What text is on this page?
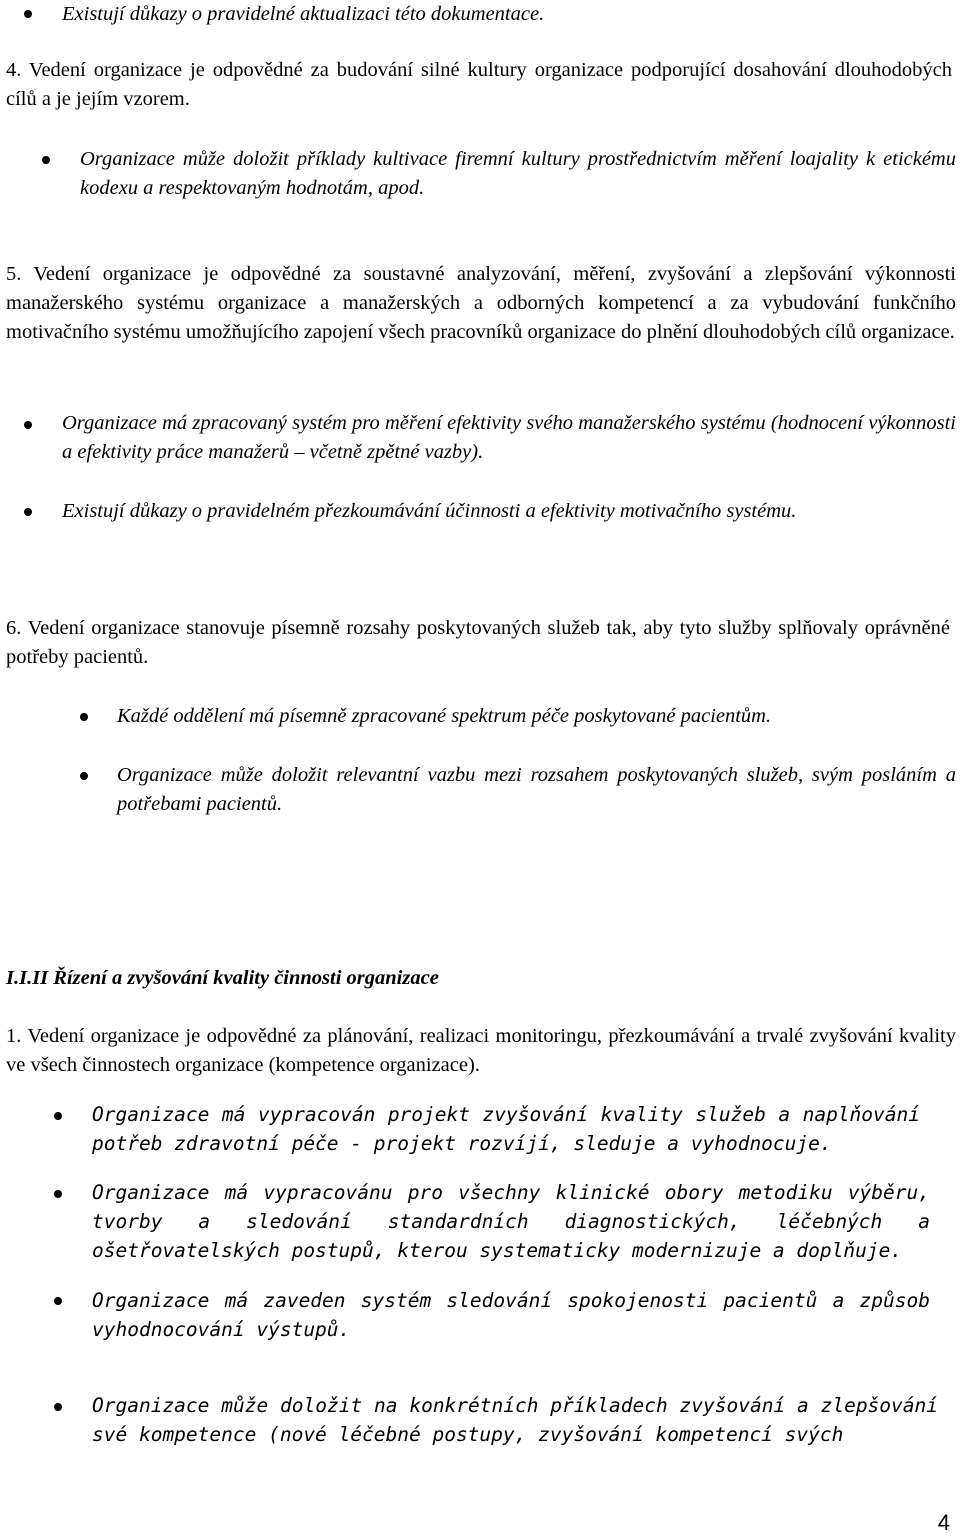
Existují důkazy o pravidelné aktualizaci této dokumentace.

4. Vedení organizace je odpovědné za budování silné kultury organizace podporující dosahování dlouhodobých cílů a je jejím vzorem.

Organizace může doložit příklady kultivace firemní kultury prostřednictvím měření loajality k etickému kodexu a respektovaným hodnotám, apod.

5. Vedení organizace je odpovědné za soustavné analyzování, měření, zvyšování a zlepšování výkonnosti manažerského systému organizace a manažerských a odborných kompetencí a za vybudování funkčního motivačního systému umožňujícího zapojení všech pracovníků organizace do plnění dlouhodobých cílů organizace.

Organizace má zpracovaný systém pro měření efektivity svého manažerského systému (hodnocení výkonnosti a efektivity práce manažerů – včetně zpětné vazby).

Existují důkazy o pravidelném přezkoumávání účinnosti a efektivity motivačního systému.

6. Vedení organizace stanovuje písemně rozsahy poskytovaných služeb tak, aby tyto služby splňovaly oprávněné potřeby pacientů.

Každé oddělení má písemně zpracované spektrum péče poskytované pacientům.

Organizace může doložit relevantní vazbu mezi rozsahem poskytovaných služeb, svým posláním a potřebami pacientů.

I.I.II Řízení a zvyšování kvality činnosti organizace

1. Vedení organizace je odpovědné za plánování, realizaci monitoringu, přezkoumávání a trvalé zvyšování kvality ve všech činnostech organizace (kompetence organizace).

Organizace má vypracován projekt zvyšování kvality služeb a naplňování potřeb zdravotní péče - projekt rozvíjí, sleduje a vyhodnocuje.

Organizace má vypracovánu pro všechny klinické obory metodiku výběru, tvorby a sledování standardních diagnostických, léčebných a ošetřovatelských postupů, kterou systematicky modernizuje a doplňuje.

Organizace má zaveden systém sledování spokojenosti pacientů a způsob vyhodnocování výstupů.

Organizace může doložit na konkrétních příkladech zvyšování a zlepšování své kompetence (nové léčebné postupy, zvyšování kompetencí svých

4
